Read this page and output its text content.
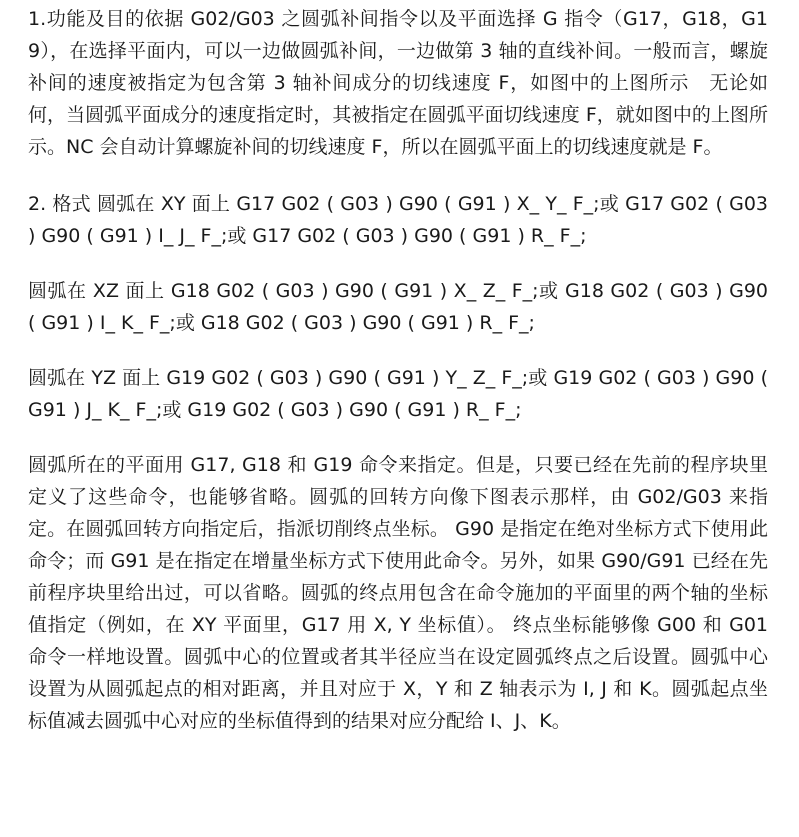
1.功能及目的依据 G02/G03 之圆弧补间指令以及平面选择 G 指令（G17，G18，G19），在选择平面内，可以一边做圆弧补间，一边做第 3 轴的直线补间。一般而言，螺旋补间的速度被指定为包含第 3 轴补间成分的切线速度 F，如图中的上图所示　无论如何，当圆弧平面成分的速度指定时，其被指定在圆弧平面切线速度 F，就如图中的上图所示。NC 会自动计算螺旋补间的切线速度 F，所以在圆弧平面上的切线速度就是 F。

2. 格式 圆弧在 XY 面上 G17 G02 ( G03 ) G90 ( G91 ) X_ Y_ F_;或 G17 G02 ( G03 ) G90 ( G91 ) I_ J_ F_;或 G17 G02 ( G03 ) G90 ( G91 ) R_ F_;

圆弧在 XZ 面上 G18 G02 ( G03 ) G90 ( G91 ) X_ Z_ F_;或 G18 G02 ( G03 ) G90 ( G91 ) I_ K_ F_;或 G18 G02 ( G03 ) G90 ( G91 ) R_ F_;

圆弧在 YZ 面上 G19 G02 ( G03 ) G90 ( G91 ) Y_ Z_ F_;或 G19 G02 ( G03 ) G90 ( G91 ) J_ K_ F_;或 G19 G02 ( G03 ) G90 ( G91 ) R_ F_;

圆弧所在的平面用 G17, G18 和 G19 命令来指定。但是，只要已经在先前的程序块里定义了这些命令，也能够省略。圆弧的回转方向像下图表示那样，由 G02/G03 来指定。在圆弧回转方向指定后，指派切削终点坐标。 G90 是指定在绝对坐标方式下使用此命令；而 G91 是在指定在增量坐标方式下使用此命令。另外，如果 G90/G91 已经在先前程序块里给出过，可以省略。圆弧的终点用包含在命令施加的平面里的两个轴的坐标值指定（例如，在 XY 平面里，G17 用 X, Y 坐标值）。 终点坐标能够像 G00 和 G01 命令一样地设置。圆弧中心的位置或者其半径应当在设定圆弧终点之后设置。圆弧中心设置为从圆弧起点的相对距离，并且对应于 X，Y 和 Z 轴表示为 I, J 和 K。圆弧起点坐标值减去圆弧中心对应的坐标值得到的结果对应分配给 I、J、K。
